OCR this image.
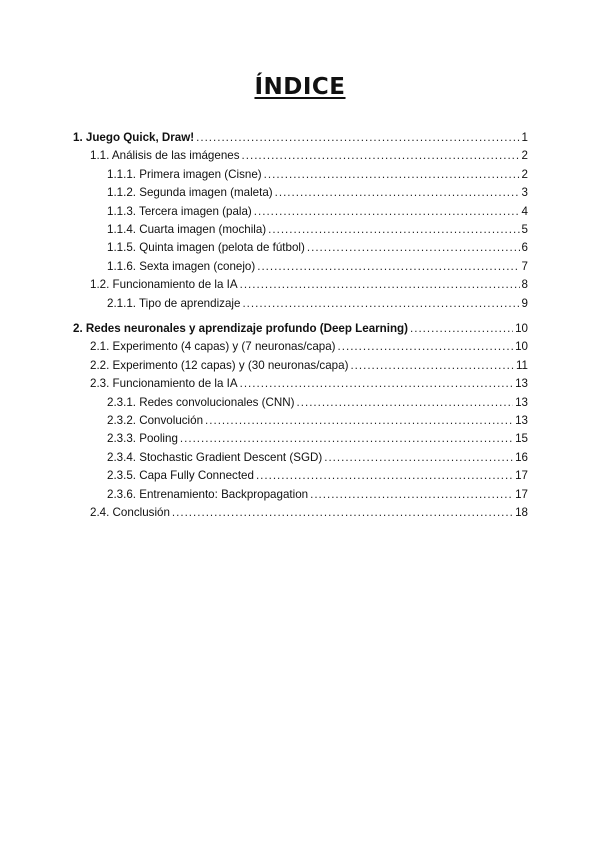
ÍNDICE
1. Juego Quick, Draw! .....	1
1.1. Análisis de las imágenes .....	2
1.1.1. Primera imagen (Cisne) .....	2
1.1.2. Segunda imagen (maleta) .....	3
1.1.3. Tercera imagen (pala) .....	4
1.1.4. Cuarta imagen (mochila) .....	5
1.1.5. Quinta imagen (pelota de fútbol) .....	6
1.1.6. Sexta imagen (conejo) .....	7
1.2. Funcionamiento de la IA .....	8
2.1.1. Tipo de aprendizaje .....	9
2. Redes neuronales y aprendizaje profundo (Deep Learning) .....	10
2.1. Experimento (4 capas) y (7 neuronas/capa) .....	10
2.2. Experimento (12 capas) y (30 neuronas/capa) .....	11
2.3. Funcionamiento de la IA .....	13
2.3.1. Redes convolucionales (CNN) .....	13
2.3.2. Convolución .....	13
2.3.3. Pooling .....	15
2.3.4. Stochastic Gradient Descent (SGD) .....	16
2.3.5. Capa Fully Connected .....	17
2.3.6. Entrenamiento: Backpropagation .....	17
2.4. Conclusión .....	18
